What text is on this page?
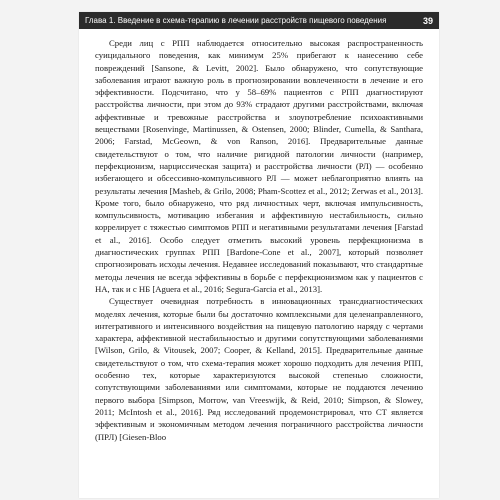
Глава 1. Введение в схема-терапию в лечении расстройств пищевого поведения	39

Среди лиц с РПП наблюдается относительно высокая распространенность суицидального поведения, как минимум 25% прибегают к нанесению себе повреждений [Sansone, & Levitt, 2002]. Было обнаружено, что сопутствующие заболевания играют важную роль в прогнозировании вовлеченности в лечение и его эффективности. Подсчитано, что у 58–69% пациентов с РПП диагностируют расстройства личности, при этом до 93% страдают другими расстройствами, включая аффективные и тревожные расстройства и злоупотребление психоактивными веществами [Rosenvinge, Martinussen, & Ostensen, 2000; Blinder, Cumella, & Santhara, 2006; Farstad, McGeown, & von Ranson, 2016]. Предварительные данные свидетельствуют о том, что наличие ригидной патологии личности (например, перфекционизм, нарциссическая защита) и расстройства личности (РЛ) — особенно избегающего и обсессивно-компульсивного РЛ — может неблагоприятно влиять на результаты лечения [Masheb, & Grilo, 2008; Pham-Scottez et al., 2012; Zerwas et al., 2013]. Кроме того, было обнаружено, что ряд личностных черт, включая импульсивность, компульсивность, мотивацию избегания и аффективную нестабильность, сильно коррелирует с тяжестью симптомов РПП и негативными результатами лечения [Farstad et al., 2016]. Особо следует отметить высокий уровень перфекционизма в диагностических группах РПП [Bardone-Cone et al., 2007], который позволяет спрогнозировать исходы лечения. Недавнее исследований показывают, что стандартные методы лечения не всегда эффективны в борьбе с перфекционизмом как у пациентов с НА, так и с НБ [Aguera et al., 2016; Segura-Garcia et al., 2013].

Существует очевидная потребность в инновационных трансдиагностических моделях лечения, которые были бы достаточно комплексными для целенаправленного, интегративного и интенсивного воздействия на пищевую патологию наряду с чертами характера, аффективной нестабильностью и другими сопутствующими заболеваниями [Wilson, Grilo, & Vitousek, 2007; Cooper, & Kelland, 2015]. Предварительные данные свидетельствуют о том, что схема-терапия может хорошо подходить для лечения РПП, особенно тех, которые характеризуются высокой степенью сложности, сопутствующими заболеваниями или симптомами, которые не поддаются лечению первого выбора [Simpson, Morrow, van Vreeswijk, & Reid, 2010; Simpson, & Slowey, 2011; McIntosh et al., 2016]. Ряд исследований продемонстрировал, что СТ является эффективным и экономичным методом лечения пограничного расстройства личности (ПРЛ) [Giesen-Bloo
